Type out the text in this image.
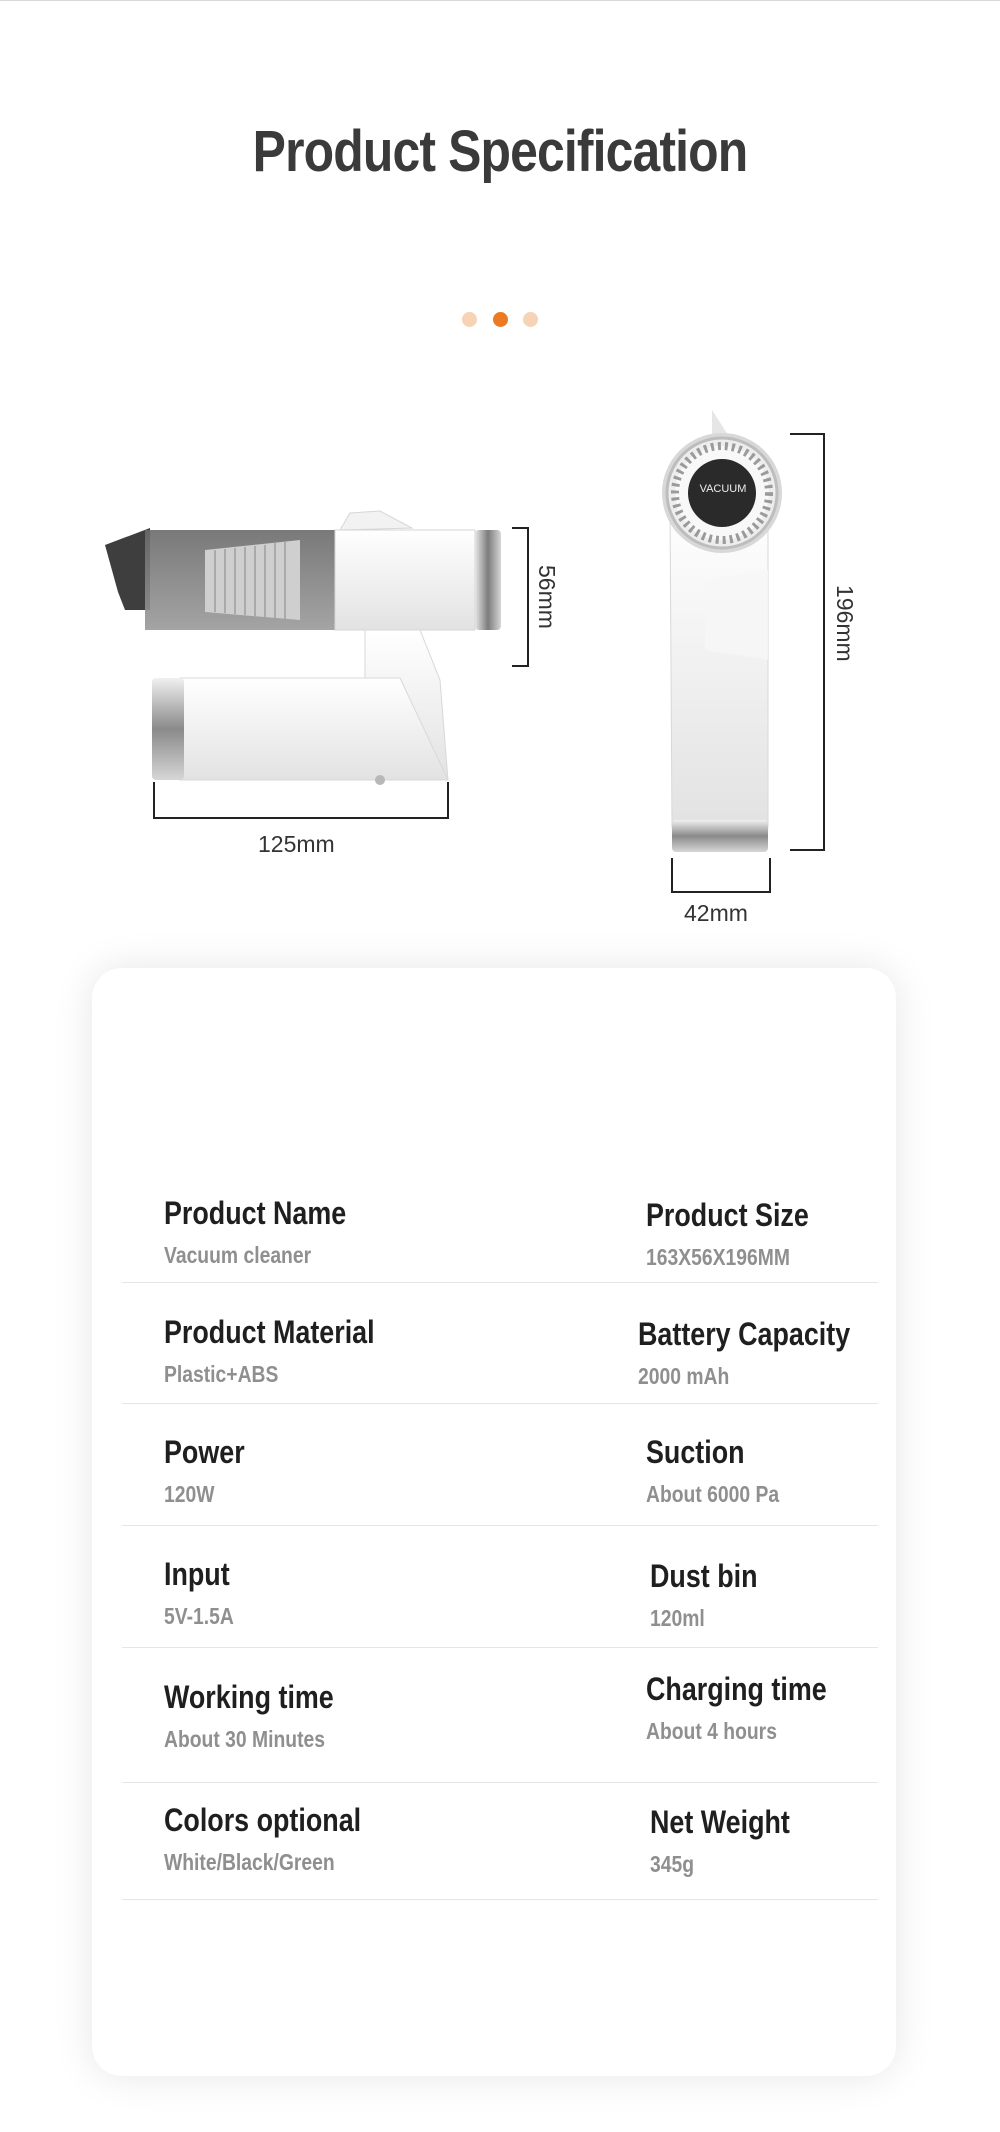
Product Specification
VACUUM
125mm
56mm
42mm
196mm
Product Name
Vacuum cleaner
Product Size
163X56X196MM
Product Material
Plastic+ABS
Battery Capacity
2000 mAh
Power
120W
Suction
About 6000 Pa
Input
5V-1.5A
Dust bin
120ml
Working time
About 30 Minutes
Charging time
About 4 hours
Colors optional
White/Black/Green
Net Weight
345g
